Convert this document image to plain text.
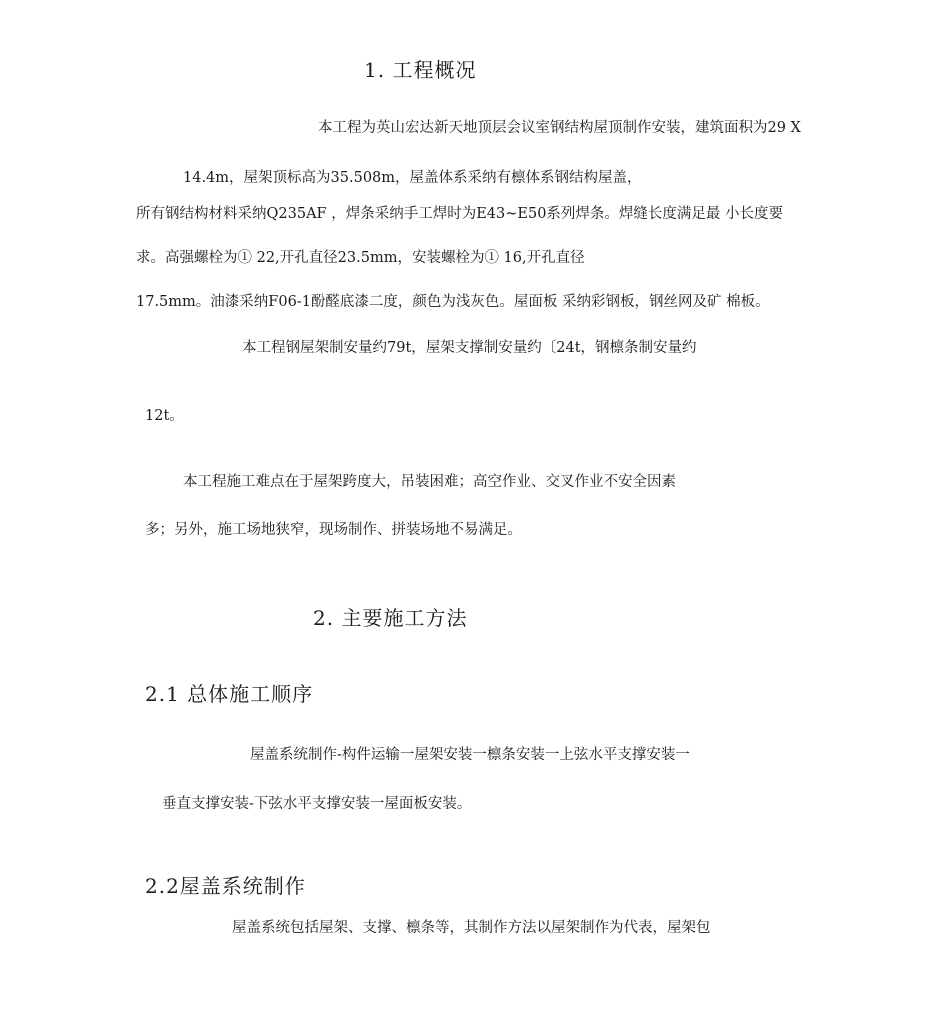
1. 工程概况
本工程为英山宏达新天地顶层会议室钢结构屋顶制作安装，建筑面积为29 X
14.4m，屋架顶标高为35.508m，屋盖体系采纳有檩体系钢结构屋盖，
所有钢结构材料采纳Q235AF ，焊条采纳手工焊时为E43~E50系列焊条。焊缝长度满足最 小长度要
求。高强螺栓为① 22,开孔直径23.5mm，安装螺栓为① 16,开孔直径
17.5mm。油漆采纳F06-1酚醛底漆二度，颜色为浅灰色。屋面板 采纳彩钢板，钢丝网及矿 棉板。
本工程钢屋架制安量约79t，屋架支撑制安量约〔24t，钢檩条制安量约
12t。
本工程施工难点在于屋架跨度大，吊装困难；高空作业、交叉作业不安全因素
多；另外，施工场地狭窄，现场制作、拼装场地不易满足。
2. 主要施工方法
2.1 总体施工顺序
屋盖系统制作-构件运输一屋架安装一檩条安装一上弦水平支撑安装一
垂直支撑安装-下弦水平支撑安装一屋面板安装。
2.2屋盖系统制作
屋盖系统包括屋架、支撑、檩条等，其制作方法以屋架制作为代表，屋架包
